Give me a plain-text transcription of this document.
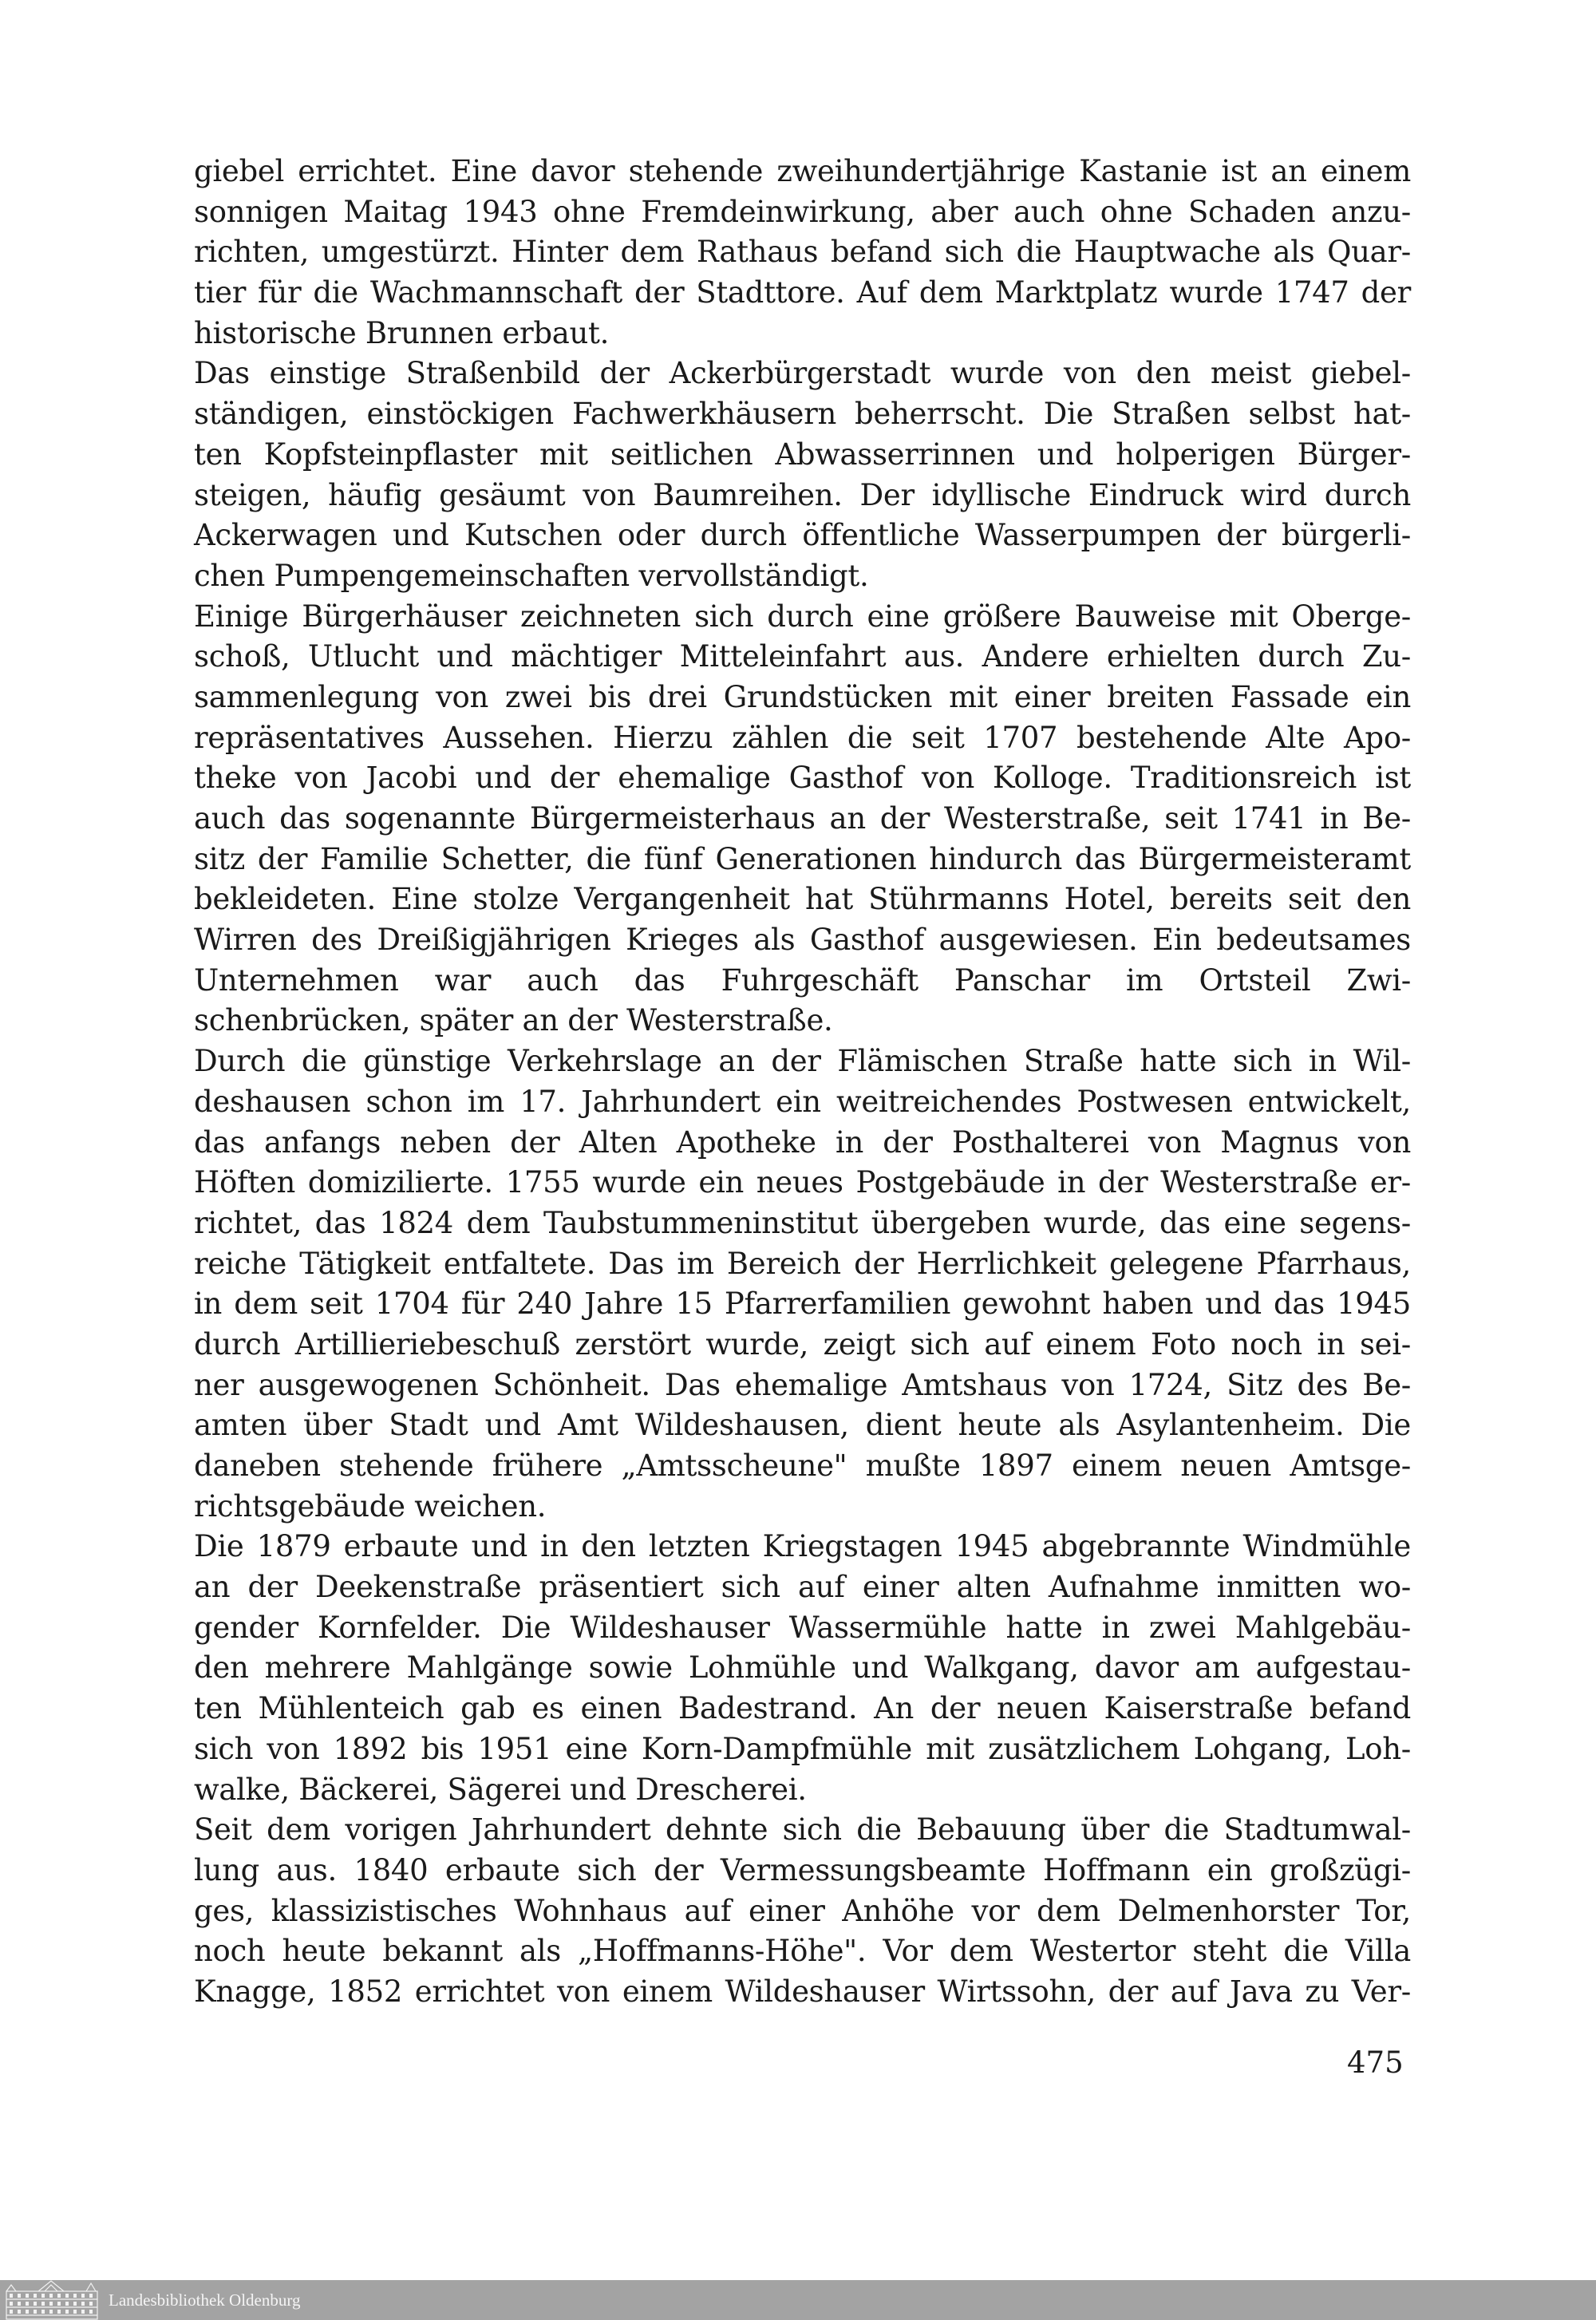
giebel errichtet. Eine davor stehende zweihundertjährige Kastanie ist an einem
sonnigen Maitag 1943 ohne Fremdeinwirkung, aber auch ohne Schaden anzu-
richten, umgestürzt. Hinter dem Rathaus befand sich die Hauptwache als Quar-
tier für die Wachmannschaft der Stadttore. Auf dem Marktplatz wurde 1747 der
historische Brunnen erbaut.
Das einstige Straßenbild der Ackerbürgerstadt wurde von den meist giebel-
ständigen, einstöckigen Fachwerkhäusern beherrscht. Die Straßen selbst hat-
ten Kopfsteinpflaster mit seitlichen Abwasserrinnen und holperigen Bürger-
steigen, häufig gesäumt von Baumreihen. Der idyllische Eindruck wird durch
Ackerwagen und Kutschen oder durch öffentliche Wasserpumpen der bürgerli-
chen Pumpengemeinschaften vervollständigt.
Einige Bürgerhäuser zeichneten sich durch eine größere Bauweise mit Oberge-
schoß, Utlucht und mächtiger Mitteleinfahrt aus. Andere erhielten durch Zu-
sammenlegung von zwei bis drei Grundstücken mit einer breiten Fassade ein
repräsentatives Aussehen. Hierzu zählen die seit 1707 bestehende Alte Apo-
theke von Jacobi und der ehemalige Gasthof von Kolloge. Traditionsreich ist
auch das sogenannte Bürgermeisterhaus an der Westerstraße, seit 1741 in Be-
sitz der Familie Schetter, die fünf Generationen hindurch das Bürgermeisteramt
bekleideten. Eine stolze Vergangenheit hat Stührmanns Hotel, bereits seit den
Wirren des Dreißigjährigen Krieges als Gasthof ausgewiesen. Ein bedeutsames
Unternehmen war auch das Fuhrgeschäft Panschar im Ortsteil Zwi-
schenbrücken, später an der Westerstraße.
Durch die günstige Verkehrslage an der Flämischen Straße hatte sich in Wil-
deshausen schon im 17. Jahrhundert ein weitreichendes Postwesen entwickelt,
das anfangs neben der Alten Apotheke in der Posthalterei von Magnus von
Höften domizilierte. 1755 wurde ein neues Postgebäude in der Westerstraße er-
richtet, das 1824 dem Taubstummeninstitut übergeben wurde, das eine segens-
reiche Tätigkeit entfaltete. Das im Bereich der Herrlichkeit gelegene Pfarrhaus,
in dem seit 1704 für 240 Jahre 15 Pfarrerfamilien gewohnt haben und das 1945
durch Artillieriebeschuß zerstört wurde, zeigt sich auf einem Foto noch in sei-
ner ausgewogenen Schönheit. Das ehemalige Amtshaus von 1724, Sitz des Be-
amten über Stadt und Amt Wildeshausen, dient heute als Asylantenheim. Die
daneben stehende frühere „Amtsscheune" mußte 1897 einem neuen Amtsge-
richtsgebäude weichen.
Die 1879 erbaute und in den letzten Kriegstagen 1945 abgebrannte Windmühle
an der Deekenstraße präsentiert sich auf einer alten Aufnahme inmitten wo-
gender Kornfelder. Die Wildeshauser Wassermühle hatte in zwei Mahlgebäu-
den mehrere Mahlgänge sowie Lohmühle und Walkgang, davor am aufgestau-
ten Mühlenteich gab es einen Badestrand. An der neuen Kaiserstraße befand
sich von 1892 bis 1951 eine Korn-Dampfmühle mit zusätzlichem Lohgang, Loh-
walke, Bäckerei, Sägerei und Drescherei.
Seit dem vorigen Jahrhundert dehnte sich die Bebauung über die Stadtumwal-
lung aus. 1840 erbaute sich der Vermessungsbeamte Hoffmann ein großzügi-
ges, klassizistisches Wohnhaus auf einer Anhöhe vor dem Delmenhorster Tor,
noch heute bekannt als „Hoffmanns-Höhe". Vor dem Westertor steht die Villa
Knagge, 1852 errichtet von einem Wildeshauser Wirtssohn, der auf Java zu Ver-
475
Landesbibliothek Oldenburg
